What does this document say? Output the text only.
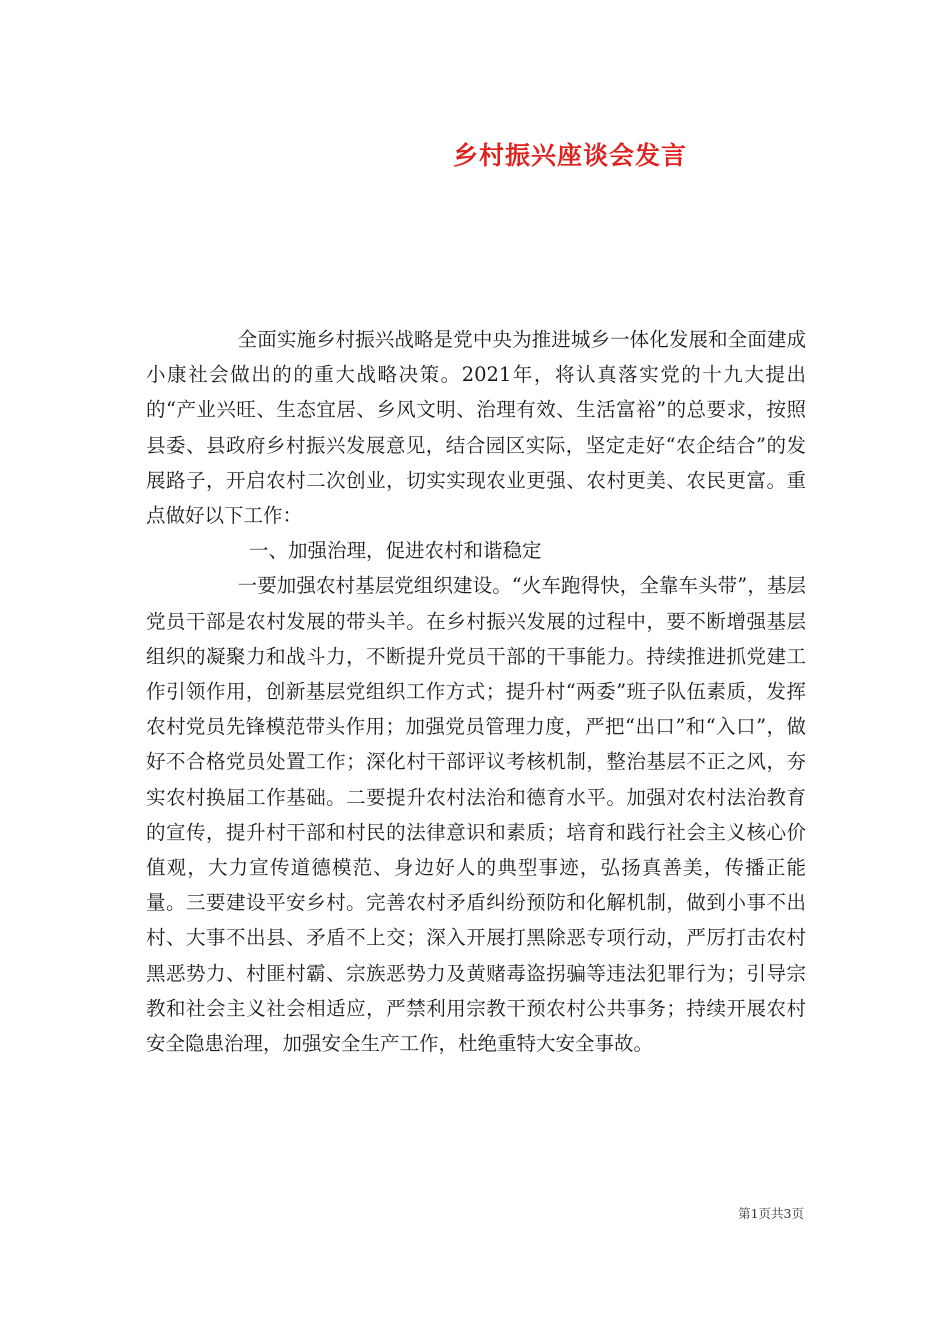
乡村振兴座谈会发言

全面实施乡村振兴战略是党中央为推进城乡一体化发展和全面建成小康社会做出的的重大战略决策。2021年，将认真落实党的十九大提出的“产业兴旺、生态宜居、乡风文明、治理有效、生活富裕”的总要求，按照县委、县政府乡村振兴发展意见，结合园区实际，坚定走好“农企结合”的发展路子，开启农村二次创业，切实实现农业更强、农村更美、农民更富。重点做好以下工作：

一、加强治理，促进农村和谐稳定

一要加强农村基层党组织建设。“火车跑得快，全靠车头带”，基层党员干部是农村发展的带头羊。在乡村振兴发展的过程中，要不断增强基层组织的凝聚力和战斗力，不断提升党员干部的干事能力。持续推进抓党建工作引领作用，创新基层党组织工作方式；提升村“两委”班子队伍素质，发挥农村党员先锋模范带头作用；加强党员管理力度，严把“出口”和“入口”，做好不合格党员处置工作；深化村干部评议考核机制，整治基层不正之风，夯实农村换届工作基础。二要提升农村法治和德育水平。加强对农村法治教育的宣传，提升村干部和村民的法律意识和素质；培育和践行社会主义核心价值观，大力宣传道德模范、身边好人的典型事迹，弘扬真善美，传播正能量。三要建设平安乡村。完善农村矛盾纠纷预防和化解机制，做到小事不出村、大事不出县、矛盾不上交；深入开展打黑除恶专项行动，严厉打击农村黑恶势力、村匪村霸、宗族恶势力及黄赌毒盗拐骗等违法犯罪行为；引导宗教和社会主义社会相适应，严禁利用宗教干预农村公共事务；持续开展农村安全隐患治理，加强安全生产工作，杜绝重特大安全事故。

第1页共3页
